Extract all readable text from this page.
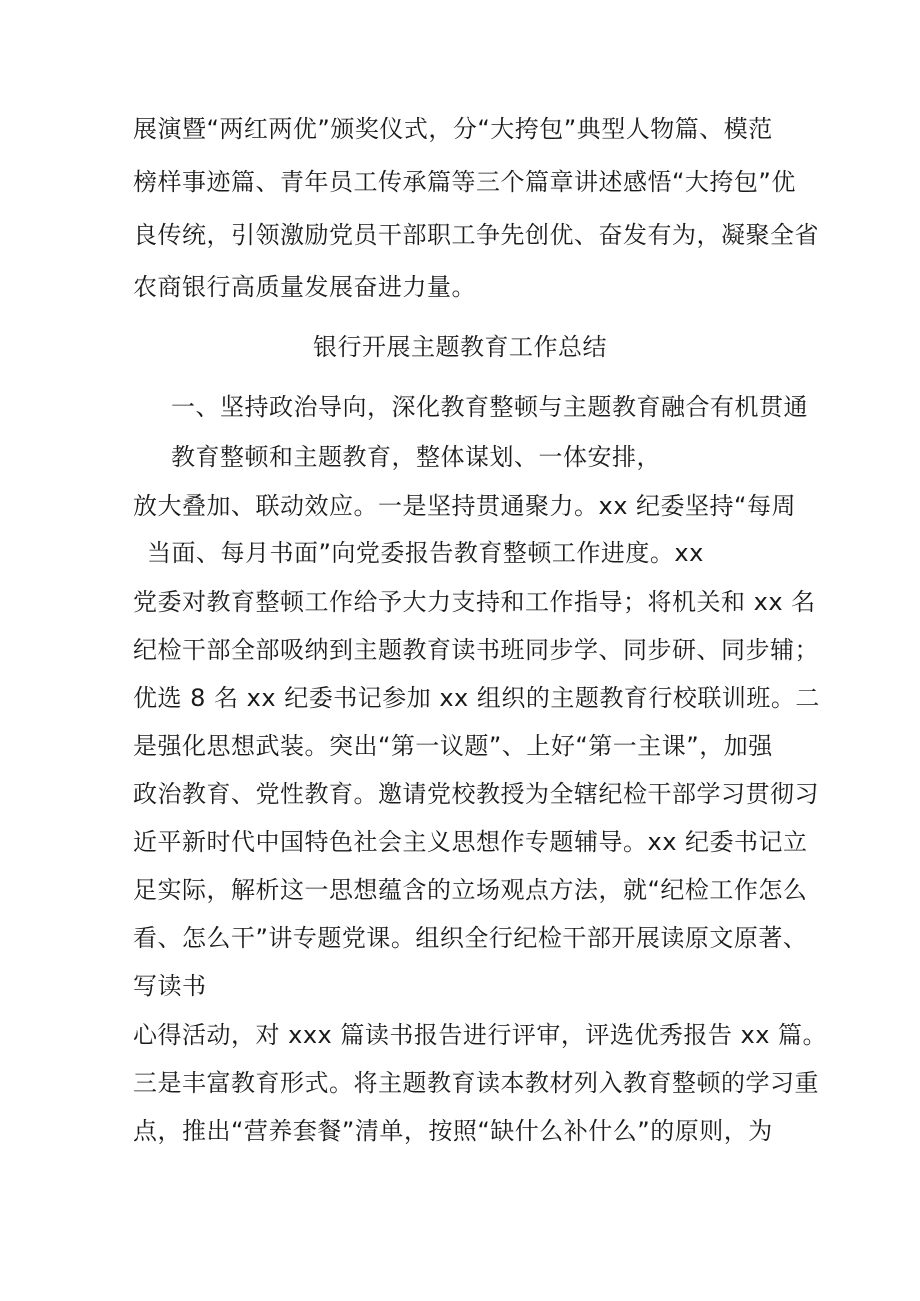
展演暨“两红两优”颁奖仪式，分“大挎包”典型人物篇、模范
榜样事迹篇、青年员工传承篇等三个篇章讲述感悟“大挎包”优
良传统，引领激励党员干部职工争先创优、奋发有为，凝聚全省
农商银行高质量发展奋进力量。
银行开展主题教育工作总结
一、坚持政治导向，深化教育整顿与主题教育融合有机贯通
教育整顿和主题教育，整体谋划、一体安排，
放大叠加、联动效应。一是坚持贯通聚力。xx 纪委坚持“每周
当面、每月书面”向党委报告教育整顿工作进度。xx
党委对教育整顿工作给予大力支持和工作指导；将机关和 xx 名
纪检干部全部吸纳到主题教育读书班同步学、同步研、同步辅；
优选 8 名 xx 纪委书记参加 xx 组织的主题教育行校联训班。二
是强化思想武装。突出“第一议题”、上好“第一主课”，加强
政治教育、党性教育。邀请党校教授为全辖纪检干部学习贯彻习
近平新时代中国特色社会主义思想作专题辅导。xx 纪委书记立
足实际，解析这一思想蕴含的立场观点方法，就“纪检工作怎么
看、怎么干”讲专题党课。组织全行纪检干部开展读原文原著、
写读书
心得活动，对 xxx 篇读书报告进行评审，评选优秀报告 xx 篇。
三是丰富教育形式。将主题教育读本教材列入教育整顿的学习重
点，推出“营养套餐”清单，按照“缺什么补什么”的原则，为
